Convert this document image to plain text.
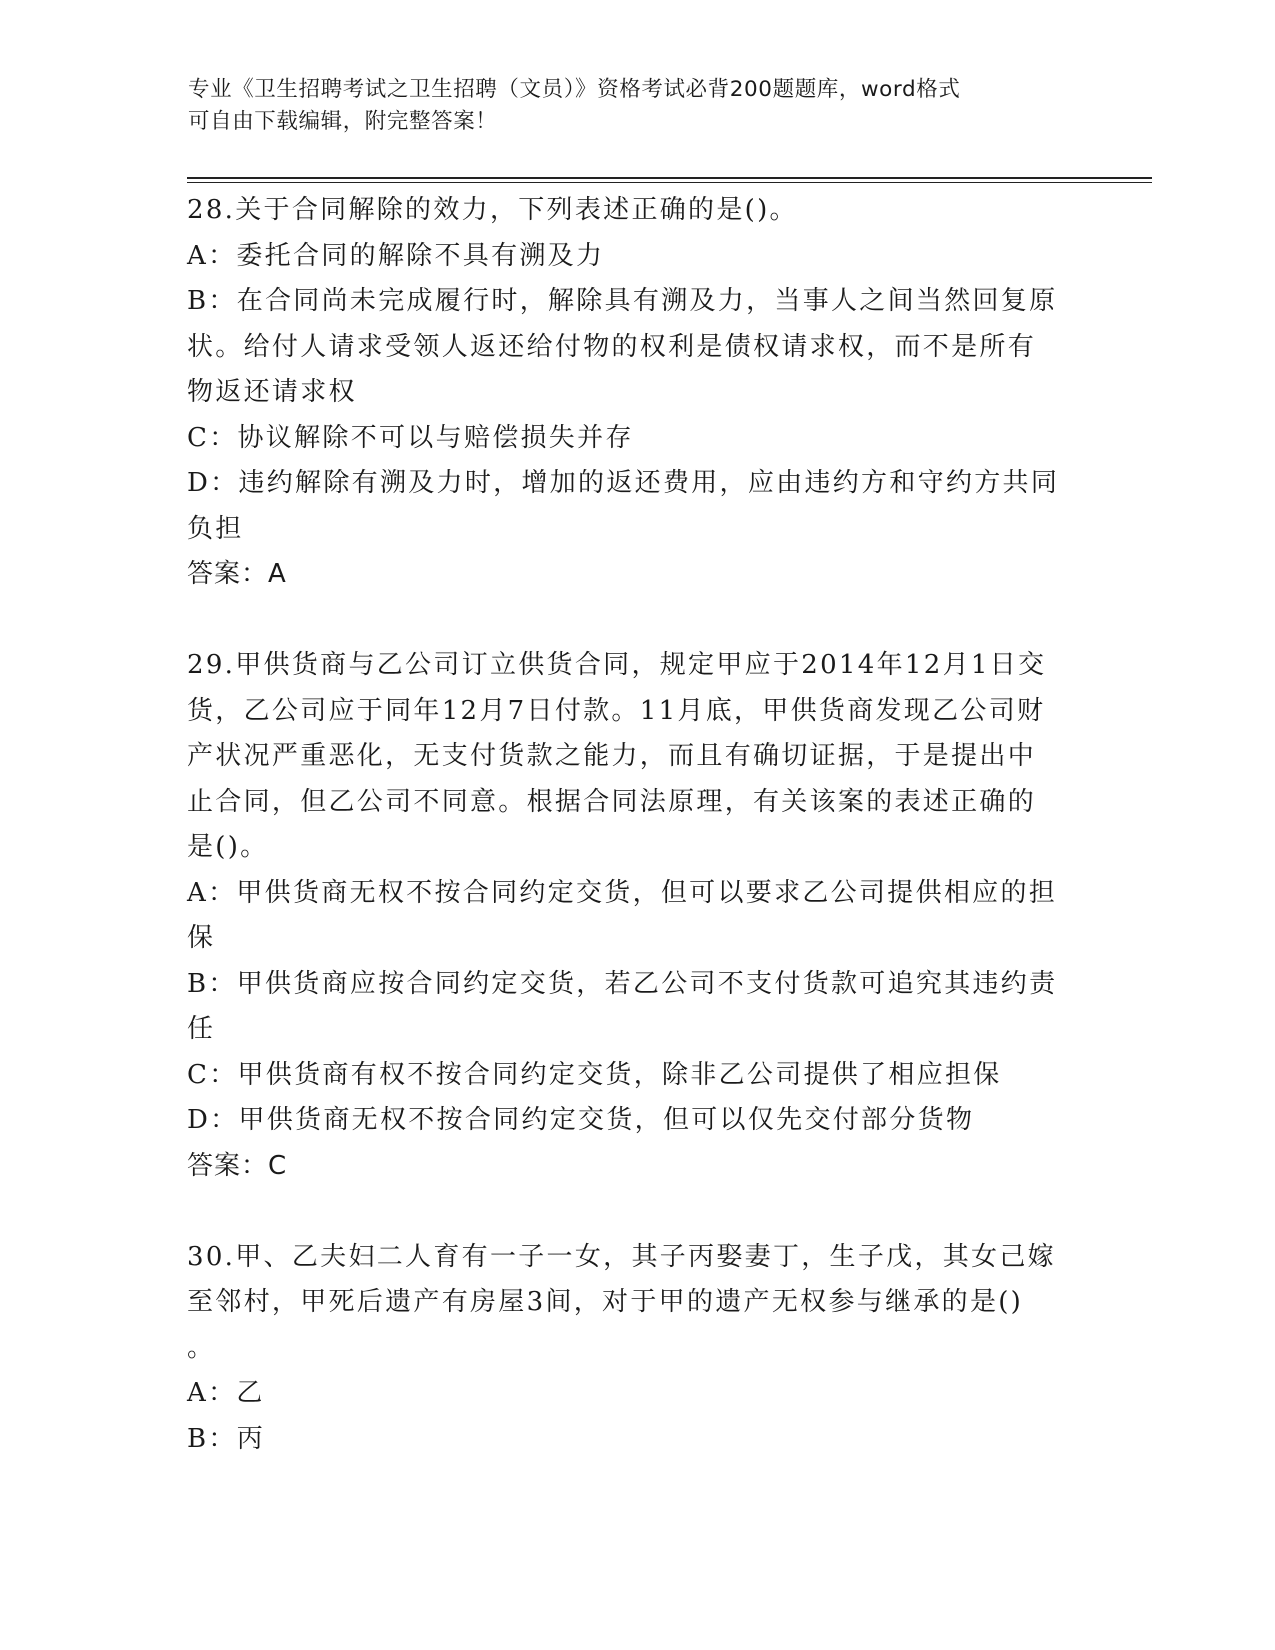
专业《卫生招聘考试之卫生招聘（文员）》资格考试必背200题题库，word格式
可自由下载编辑，附完整答案！
28.关于合同解除的效力，下列表述正确的是()。
A：委托合同的解除不具有溯及力
B：在合同尚未完成履行时，解除具有溯及力，当事人之间当然回复原
状。给付人请求受领人返还给付物的权利是债权请求权，而不是所有
物返还请求权
C：协议解除不可以与赔偿损失并存
D：违约解除有溯及力时，增加的返还费用，应由违约方和守约方共同
负担
答案：A
29.甲供货商与乙公司订立供货合同，规定甲应于2014年12月1日交
货，乙公司应于同年12月7日付款。11月底，甲供货商发现乙公司财
产状况严重恶化，无支付货款之能力，而且有确切证据，于是提出中
止合同，但乙公司不同意。根据合同法原理，有关该案的表述正确的
是()。
A：甲供货商无权不按合同约定交货，但可以要求乙公司提供相应的担
保
B：甲供货商应按合同约定交货，若乙公司不支付货款可追究其违约责
任
C：甲供货商有权不按合同约定交货，除非乙公司提供了相应担保
D：甲供货商无权不按合同约定交货，但可以仅先交付部分货物
答案：C
30.甲、乙夫妇二人育有一子一女，其子丙娶妻丁，生子戊，其女己嫁
至邻村，甲死后遗产有房屋3间，对于甲的遗产无权参与继承的是()
。
A：乙
B：丙
